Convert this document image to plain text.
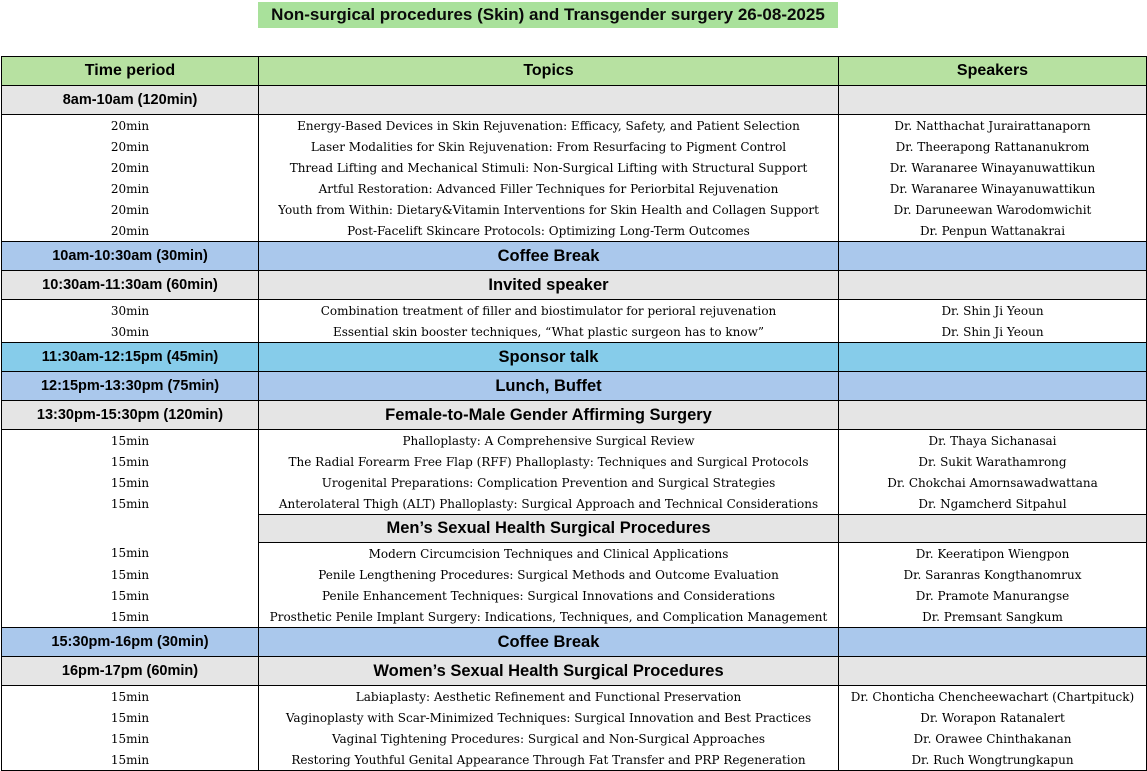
Non-surgical procedures (Skin) and Transgender surgery 26-08-2025
Time period	Topics	Speakers
8am-10am (120min)		
20min	Energy-Based Devices in Skin Rejuvenation: Efficacy, Safety, and Patient Selection	Dr. Natthachat Jurairattanaporn
20min	Laser Modalities for Skin Rejuvenation: From Resurfacing to Pigment Control	Dr. Theerapong Rattananukrom
20min	Thread Lifting and Mechanical Stimuli: Non-Surgical Lifting with Structural Support	Dr. Waranaree Winayanuwattikun
20min	Artful Restoration: Advanced Filler Techniques for Periorbital Rejuvenation	Dr. Waranaree Winayanuwattikun
20min	Youth from Within: Dietary&Vitamin Interventions for Skin Health and Collagen Support	Dr. Daruneewan Warodomwichit
20min	Post-Facelift Skincare Protocols: Optimizing Long-Term Outcomes	Dr. Penpun Wattanakrai
10am-10:30am (30min)	Coffee Break	
10:30am-11:30am (60min)	Invited speaker	
30min	Combination treatment of filler and biostimulator for perioral rejuvenation	Dr. Shin Ji Yeoun
30min	Essential skin booster techniques, “What plastic surgeon has to know”	Dr. Shin Ji Yeoun
11:30am-12:15pm (45min)	Sponsor talk	
12:15pm-13:30pm (75min)	Lunch, Buffet	
13:30pm-15:30pm (120min)	Female-to-Male Gender Affirming Surgery	
15min	Phalloplasty: A Comprehensive Surgical Review	Dr. Thaya Sichanasai
15min	The Radial Forearm Free Flap (RFF) Phalloplasty: Techniques and Surgical Protocols	Dr. Sukit Warathamrong
15min	Urogenital Preparations: Complication Prevention and Surgical Strategies	Dr. Chokchai Amornsawadwattana
15min	Anterolateral Thigh (ALT) Phalloplasty: Surgical Approach and Technical Considerations	Dr. Ngamcherd Sitpahul
	Men’s Sexual Health Surgical Procedures	
15min	Modern Circumcision Techniques and Clinical Applications	Dr. Keeratipon Wiengpon
15min	Penile Lengthening Procedures: Surgical Methods and Outcome Evaluation	Dr. Saranras Kongthanomrux
15min	Penile Enhancement Techniques: Surgical Innovations and Considerations	Dr. Pramote Manurangse
15min	Prosthetic Penile Implant Surgery: Indications, Techniques, and Complication Management	Dr. Premsant Sangkum
15:30pm-16pm (30min)	Coffee Break	
16pm-17pm (60min)	Women’s Sexual Health Surgical Procedures	
15min	Labiaplasty: Aesthetic Refinement and Functional Preservation	Dr. Chonticha Chencheewachart (Chartpituck)
15min	Vaginoplasty with Scar-Minimized Techniques: Surgical Innovation and Best Practices	Dr. Worapon Ratanalert
15min	Vaginal Tightening Procedures: Surgical and Non-Surgical Approaches	Dr. Orawee Chinthakanan
15min	Restoring Youthful Genital Appearance Through Fat Transfer and PRP Regeneration	Dr. Ruch Wongtrungkapun
